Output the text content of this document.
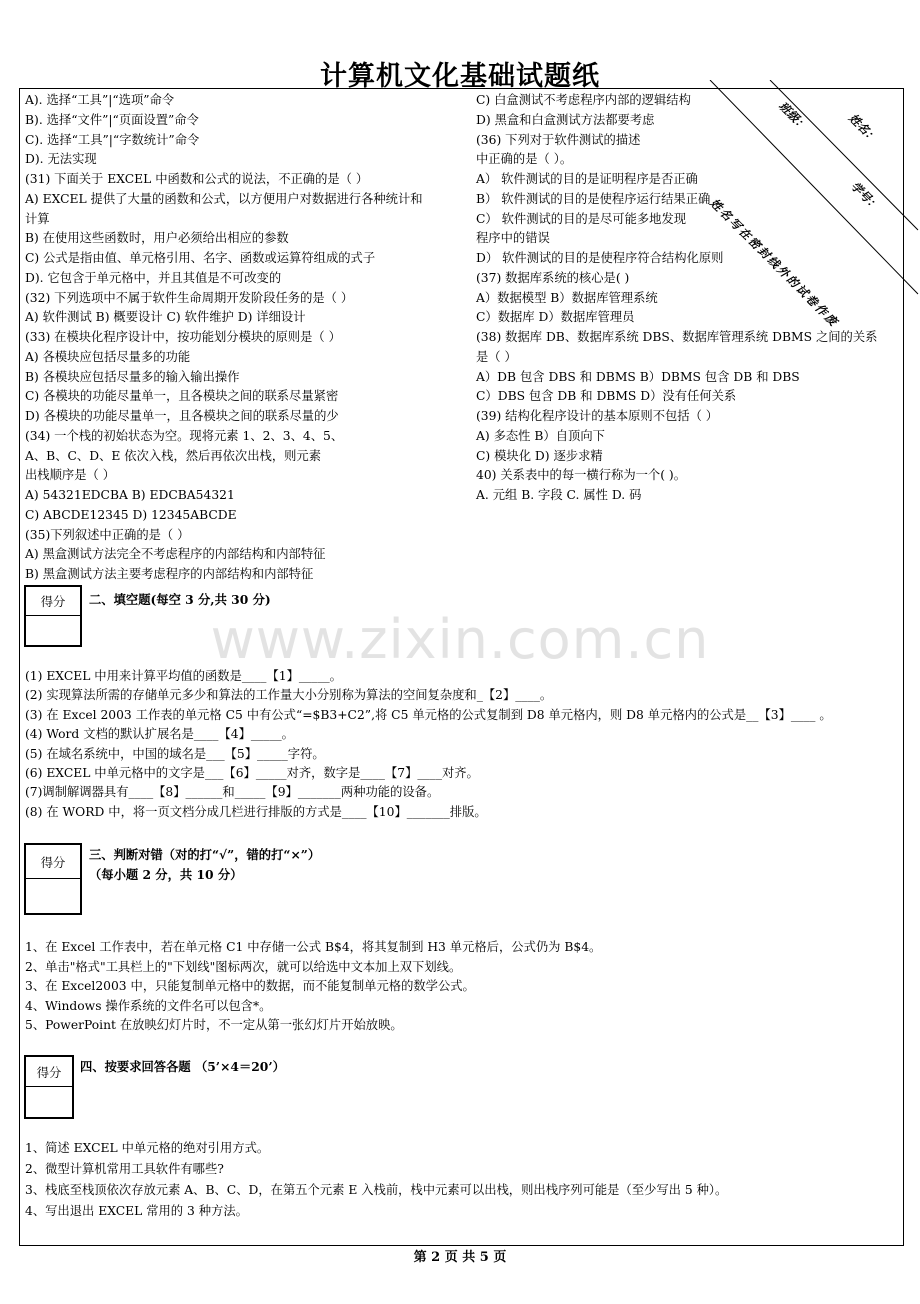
计算机文化基础试题纸
班级：	姓名：
学号：
姓名写在密封线外的试卷作废
A). 选择“工具”|“选项”命令
B). 选择“文件”|“页面设置”命令
C). 选择“工具”|“字数统计”命令
D). 无法实现
(31) 下面关于 EXCEL 中函数和公式的说法，不正确的是（ ）
A) EXCEL 提供了大量的函数和公式，以方便用户对数据进行各种统计和
计算
B) 在使用这些函数时，用户必须给出相应的参数
C) 公式是指由值、单元格引用、名字、函数或运算符组成的式子
D). 它包含于单元格中，并且其值是不可改变的
(32) 下列选项中不属于软件生命周期开发阶段任务的是（ ）
A) 软件测试 B) 概要设计 C) 软件维护 D) 详细设计
(33) 在模块化程序设计中，按功能划分模块的原则是（ ）
A) 各模块应包括尽量多的功能
B) 各模块应包括尽量多的输入输出操作
C) 各模块的功能尽量单一，且各模块之间的联系尽量紧密
D) 各模块的功能尽量单一，且各模块之间的联系尽量的少
(34) 一个栈的初始状态为空。现将元素 1、2、3、4、5、
A、B、C、D、E 依次入栈，然后再依次出栈，则元素
出栈顺序是（ ）
A) 54321EDCBA B) EDCBA54321
C) ABCDE12345 D) 12345ABCDE
(35)下列叙述中正确的是（ ）
A) 黑盒测试方法完全不考虑程序的内部结构和内部特征
B) 黑盒测试方法主要考虑程序的内部结构和内部特征
C) 白盒测试不考虑程序内部的逻辑结构
D) 黑盒和白盒测试方法都要考虑
(36) 下列对于软件测试的描述
中正确的是（ ）。
A） 软件测试的目的是证明程序是否正确
B） 软件测试的目的是使程序运行结果正确
C） 软件测试的目的是尽可能多地发现
程序中的错误
D） 软件测试的目的是使程序符合结构化原则
(37) 数据库系统的核心是( )
A）数据模型 B）数据库管理系统
C）数据库 D）数据库管理员
(38) 数据库 DB、数据库系统 DBS、数据库管理系统 DBMS 之间的关系
是（ ）
A）DB 包含 DBS 和 DBMS B）DBMS 包含 DB 和 DBS
C）DBS 包含 DB 和 DBMS D）没有任何关系
(39) 结构化程序设计的基本原则不包括（ ）
A) 多态性 B）自顶向下
C) 模块化 D) 逐步求精
40) 关系表中的每一横行称为一个( )。
A. 元组 B. 字段 C. 属性 D. 码
www.zixin.com.cn
得分	二、填空题(每空 3 分,共 30 分)
(1) EXCEL 中用来计算平均值的函数是____【1】_____。
(2) 实现算法所需的存储单元多少和算法的工作量大小分别称为算法的空间复杂度和_【2】____。
(3) 在 Excel 2003 工作表的单元格 C5 中有公式“=$B3+C2”,将 C5 单元格的公式复制到 D8 单元格内，则 D8 单元格内的公式是__【3】____ 。
(4) Word 文档的默认扩展名是____【4】_____。
(5) 在域名系统中，中国的域名是___【5】_____字符。
(6) EXCEL 中单元格中的文字是___【6】_____对齐，数字是____【7】____对齐。
(7)调制解调器具有____【8】______和_____【9】_______两种功能的设备。
(8) 在 WORD 中，将一页文档分成几栏进行排版的方式是____【10】_______排版。
得分
三、判断对错（对的打“√”，错的打“×”）
（每小题 2 分，共 10 分）
1、在 Excel 工作表中，若在单元格 C1 中存储一公式 B$4，将其复制到 H3 单元格后，公式仍为 B$4。
2、单击"格式"工具栏上的"下划线"图标两次，就可以给选中文本加上双下划线。
3、在 Excel2003 中，只能复制单元格中的数据，而不能复制单元格的数学公式。
4、Windows 操作系统的文件名可以包含*。
5、PowerPoint 在放映幻灯片时，不一定从第一张幻灯片开始放映。
得分	四、按要求回答各题 （5’×4＝20’）
1、简述 EXCEL 中单元格的绝对引用方式。
2、微型计算机常用工具软件有哪些?
3、栈底至栈顶依次存放元素 A、B、C、D，在第五个元素 E 入栈前，栈中元素可以出栈，则出栈序列可能是（至少写出 5 种）。
4、写出退出 EXCEL 常用的 3 种方法。
第 2 页 共 5 页
